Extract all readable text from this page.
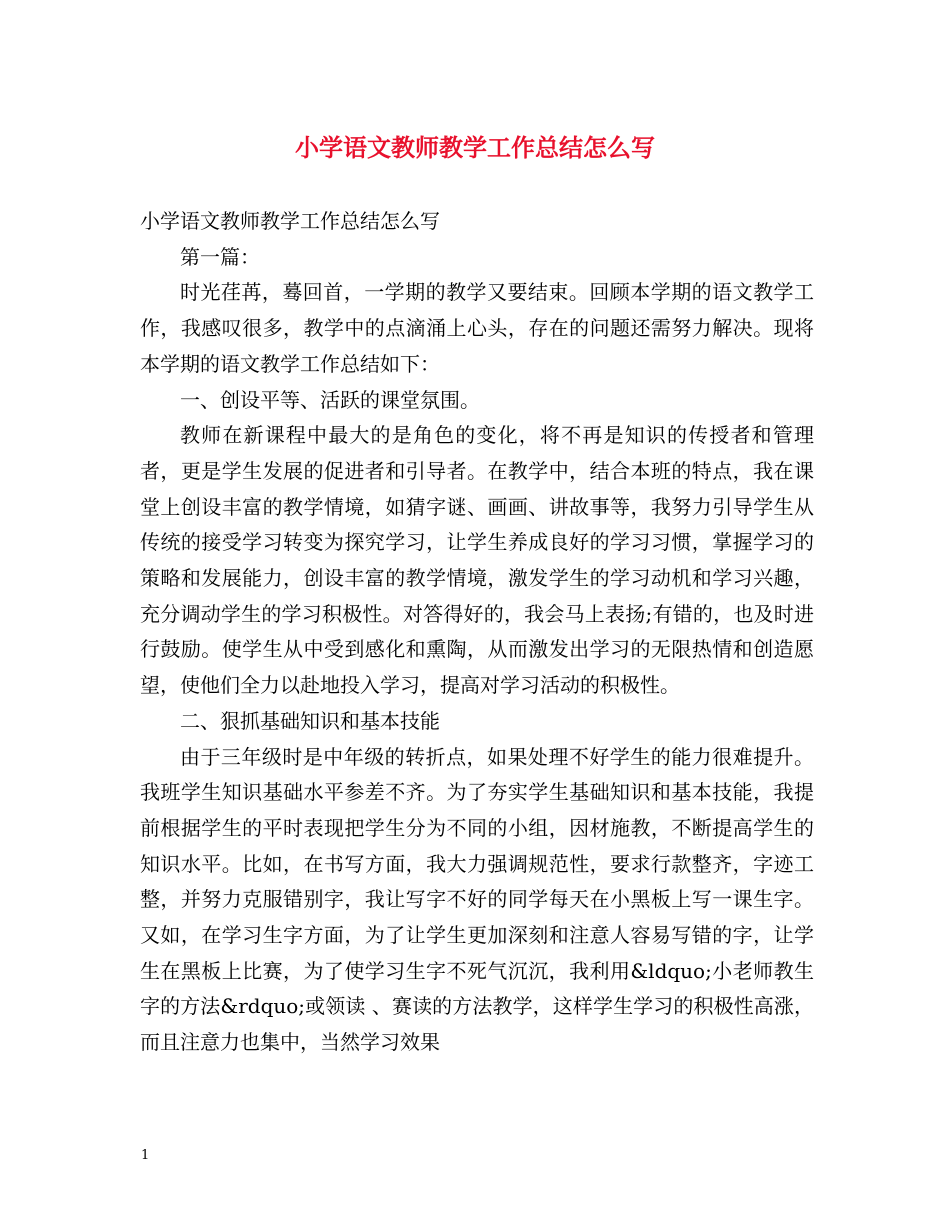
小学语文教师教学工作总结怎么写

小学语文教师教学工作总结怎么写

第一篇：

时光荏苒，蓦回首，一学期的教学又要结束。回顾本学期的语文教学工作，我感叹很多，教学中的点滴涌上心头，存在的问题还需努力解决。现将本学期的语文教学工作总结如下：

一、创设平等、活跃的课堂氛围。

教师在新课程中最大的是角色的变化，将不再是知识的传授者和管理者，更是学生发展的促进者和引导者。在教学中，结合本班的特点，我在课堂上创设丰富的教学情境，如猜字谜、画画、讲故事等，我努力引导学生从传统的接受学习转变为探究学习，让学生养成良好的学习习惯，掌握学习的策略和发展能力，创设丰富的教学情境，激发学生的学习动机和学习兴趣，充分调动学生的学习积极性。对答得好的，我会马上表扬;有错的，也及时进行鼓励。使学生从中受到感化和熏陶，从而激发出学习的无限热情和创造愿望，使他们全力以赴地投入学习，提高对学习活动的积极性。

二、狠抓基础知识和基本技能

由于三年级时是中年级的转折点，如果处理不好学生的能力很难提升。我班学生知识基础水平参差不齐。为了夯实学生基础知识和基本技能，我提前根据学生的平时表现把学生分为不同的小组，因材施教，不断提高学生的知识水平。比如，在书写方面，我大力强调规范性，要求行款整齐，字迹工整，并努力克服错别字，我让写字不好的同学每天在小黑板上写一课生字。又如，在学习生字方面，为了让学生更加深刻和注意人容易写错的字，让学生在黑板上比赛，为了使学习生字不死气沉沉，我利用&ldquo;小老师教生字的方法&rdquo;或领读 、赛读的方法教学，这样学生学习的积极性高涨，而且注意力也集中，当然学习效果

1
